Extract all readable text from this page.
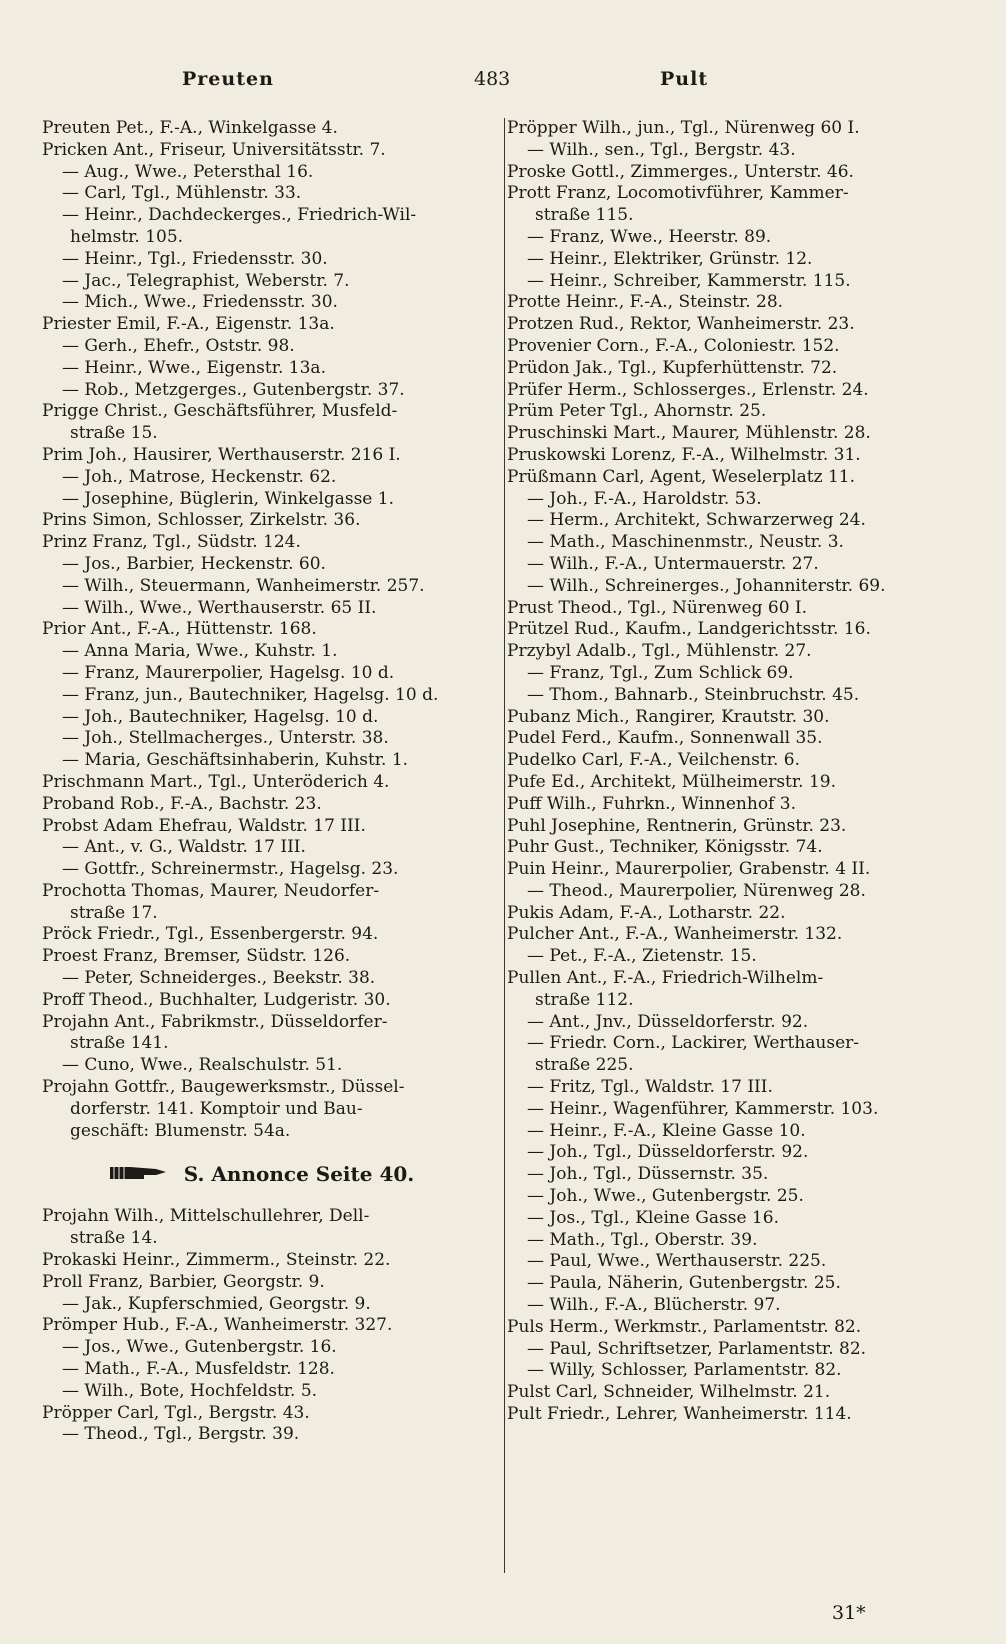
Preuten	483	Pult
Preuten Pet., F.-A., Winkelgasse 4.
Pricken Ant., Friseur, Universitätsstr. 7.
— Aug., Wwe., Petersthal 16.
— Carl, Tgl., Mühlenstr. 33.
— Heinr., Dachdeckerges., Friedrich-Wil-
helmstr. 105.
— Heinr., Tgl., Friedensstr. 30.
— Jac., Telegraphist, Weberstr. 7.
— Mich., Wwe., Friedensstr. 30.
Priester Emil, F.-A., Eigenstr. 13a.
— Gerh., Ehefr., Oststr. 98.
— Heinr., Wwe., Eigenstr. 13a.
— Rob., Metzgerges., Gutenbergstr. 37.
Prigge Christ., Geschäftsführer, Musfeld-
straße 15.
Prim Joh., Hausirer, Werthauserstr. 216 I.
— Joh., Matrose, Heckenstr. 62.
— Josephine, Büglerin, Winkelgasse 1.
Prins Simon, Schlosser, Zirkelstr. 36.
Prinz Franz, Tgl., Südstr. 124.
— Jos., Barbier, Heckenstr. 60.
— Wilh., Steuermann, Wanheimerstr. 257.
— Wilh., Wwe., Werthauserstr. 65 II.
Prior Ant., F.-A., Hüttenstr. 168.
— Anna Maria, Wwe., Kuhstr. 1.
— Franz, Maurerpolier, Hagelsg. 10 d.
— Franz, jun., Bautechniker, Hagelsg. 10 d.
— Joh., Bautechniker, Hagelsg. 10 d.
— Joh., Stellmacherges., Unterstr. 38.
— Maria, Geschäftsinhaberin, Kuhstr. 1.
Prischmann Mart., Tgl., Unteröderich 4.
Proband Rob., F.-A., Bachstr. 23.
Probst Adam Ehefrau, Waldstr. 17 III.
— Ant., v. G., Waldstr. 17 III.
— Gottfr., Schreinermstr., Hagelsg. 23.
Prochotta Thomas, Maurer, Neudorfer-
straße 17.
Pröck Friedr., Tgl., Essenbergerstr. 94.
Proest Franz, Bremser, Südstr. 126.
— Peter, Schneiderges., Beekstr. 38.
Proff Theod., Buchhalter, Ludgeristr. 30.
Projahn Ant., Fabrikmstr., Düsseldorfer-
straße 141.
— Cuno, Wwe., Realschulstr. 51.
Projahn Gottfr., Baugewerksmstr., Düssel-
dorferstr. 141. Komptoir und Bau-
geschäft: Blumenstr. 54a.
S. Annonce Seite 40.
Projahn Wilh., Mittelschullehrer, Dell-
straße 14.
Prokaski Heinr., Zimmerm., Steinstr. 22.
Proll Franz, Barbier, Georgstr. 9.
— Jak., Kupferschmied, Georgstr. 9.
Prömper Hub., F.-A., Wanheimerstr. 327.
— Jos., Wwe., Gutenbergstr. 16.
— Math., F.-A., Musfeldstr. 128.
— Wilh., Bote, Hochfeldstr. 5.
Pröpper Carl, Tgl., Bergstr. 43.
— Theod., Tgl., Bergstr. 39.
Pröpper Wilh., jun., Tgl., Nürenweg 60 I.
— Wilh., sen., Tgl., Bergstr. 43.
Proske Gottl., Zimmerges., Unterstr. 46.
Prott Franz, Locomotivführer, Kammer-
straße 115.
— Franz, Wwe., Heerstr. 89.
— Heinr., Elektriker, Grünstr. 12.
— Heinr., Schreiber, Kammerstr. 115.
Protte Heinr., F.-A., Steinstr. 28.
Protzen Rud., Rektor, Wanheimerstr. 23.
Provenier Corn., F.-A., Coloniestr. 152.
Prüdon Jak., Tgl., Kupferhüttenstr. 72.
Prüfer Herm., Schlosserges., Erlenstr. 24.
Prüm Peter Tgl., Ahornstr. 25.
Pruschinski Mart., Maurer, Mühlenstr. 28.
Pruskowski Lorenz, F.-A., Wilhelmstr. 31.
Prüßmann Carl, Agent, Weselerplatz 11.
— Joh., F.-A., Haroldstr. 53.
— Herm., Architekt, Schwarzerweg 24.
— Math., Maschinenmstr., Neustr. 3.
— Wilh., F.-A., Untermauerstr. 27.
— Wilh., Schreinerges., Johanniterstr. 69.
Prust Theod., Tgl., Nürenweg 60 I.
Prützel Rud., Kaufm., Landgerichtsstr. 16.
Przybyl Adalb., Tgl., Mühlenstr. 27.
— Franz, Tgl., Zum Schlick 69.
— Thom., Bahnarb., Steinbruchstr. 45.
Pubanz Mich., Rangirer, Krautstr. 30.
Pudel Ferd., Kaufm., Sonnenwall 35.
Pudelko Carl, F.-A., Veilchenstr. 6.
Pufe Ed., Architekt, Mülheimerstr. 19.
Puff Wilh., Fuhrkn., Winnenhof 3.
Puhl Josephine, Rentnerin, Grünstr. 23.
Puhr Gust., Techniker, Königsstr. 74.
Puin Heinr., Maurerpolier, Grabenstr. 4 II.
— Theod., Maurerpolier, Nürenweg 28.
Pukis Adam, F.-A., Lotharstr. 22.
Pulcher Ant., F.-A., Wanheimerstr. 132.
— Pet., F.-A., Zietenstr. 15.
Pullen Ant., F.-A., Friedrich-Wilhelm-
straße 112.
— Ant., Jnv., Düsseldorferstr. 92.
— Friedr. Corn., Lackirer, Werthauser-
straße 225.
— Fritz, Tgl., Waldstr. 17 III.
— Heinr., Wagenführer, Kammerstr. 103.
— Heinr., F.-A., Kleine Gasse 10.
— Joh., Tgl., Düsseldorferstr. 92.
— Joh., Tgl., Düssernstr. 35.
— Joh., Wwe., Gutenbergstr. 25.
— Jos., Tgl., Kleine Gasse 16.
— Math., Tgl., Oberstr. 39.
— Paul, Wwe., Werthauserstr. 225.
— Paula, Näherin, Gutenbergstr. 25.
— Wilh., F.-A., Blücherstr. 97.
Puls Herm., Werkmstr., Parlamentstr. 82.
— Paul, Schriftsetzer, Parlamentstr. 82.
— Willy, Schlosser, Parlamentstr. 82.
Pulst Carl, Schneider, Wilhelmstr. 21.
Pult Friedr., Lehrer, Wanheimerstr. 114.
31*
